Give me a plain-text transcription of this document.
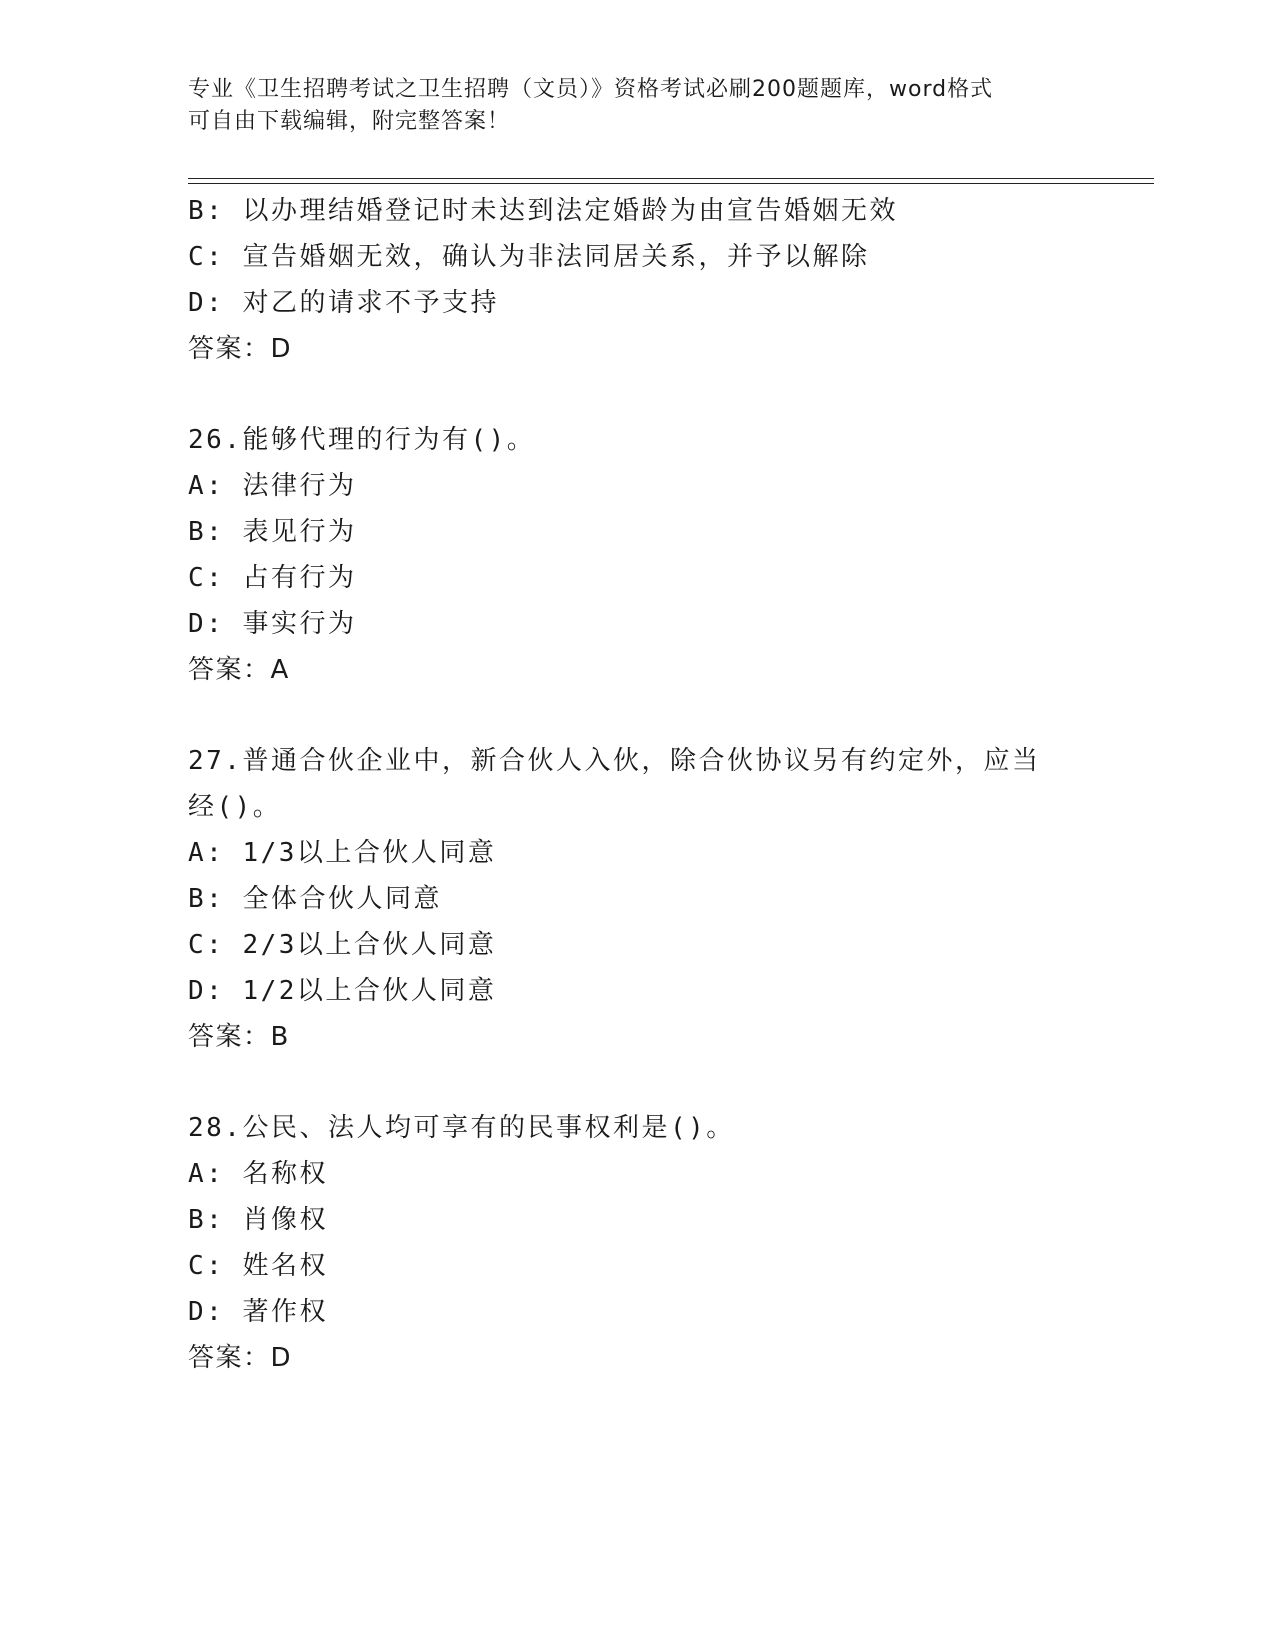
专业《卫生招聘考试之卫生招聘（文员）》资格考试必刷200题题库，word格式
可自由下载编辑，附完整答案！
B: 以办理结婚登记时未达到法定婚龄为由宣告婚姻无效
C: 宣告婚姻无效，确认为非法同居关系，并予以解除
D: 对乙的请求不予支持
答案：D
26.能够代理的行为有()。
A: 法律行为
B: 表见行为
C: 占有行为
D: 事实行为
答案：A
27.普通合伙企业中，新合伙人入伙，除合伙协议另有约定外，应当经()。
A: 1/3以上合伙人同意
B: 全体合伙人同意
C: 2/3以上合伙人同意
D: 1/2以上合伙人同意
答案：B
28.公民、法人均可享有的民事权利是()。
A: 名称权
B: 肖像权
C: 姓名权
D: 著作权
答案：D
